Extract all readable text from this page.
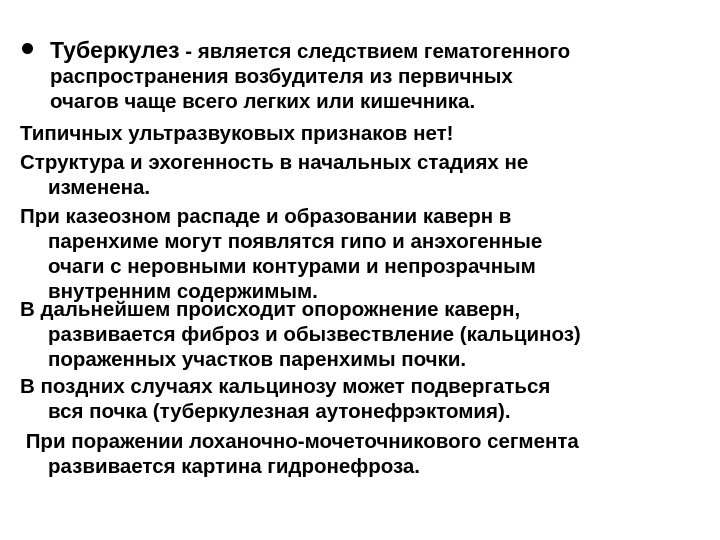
Туберкулез - является следствием гематогенного
распространения возбудителя из первичных
очагов чаще всего легких или кишечника.
Типичных ультразвуковых признаков нет!
Структура и эхогенность в начальных стадиях не
изменена.
При казеозном распаде и образовании каверн в
паренхиме могут появлятся гипо и анэхогенные
очаги с неровными контурами и непрозрачным
внутренним содержимым.
В дальнейшем происходит опорожнение каверн,
развивается фиброз и обызвествление (кальциноз)
пораженных участков паренхимы почки.
В поздних случаях кальцинозу может подвергаться
вся почка (туберкулезная аутонефрэктомия).
При поражении лоханочно-мочеточникового сегмента
развивается картина гидронефроза.
